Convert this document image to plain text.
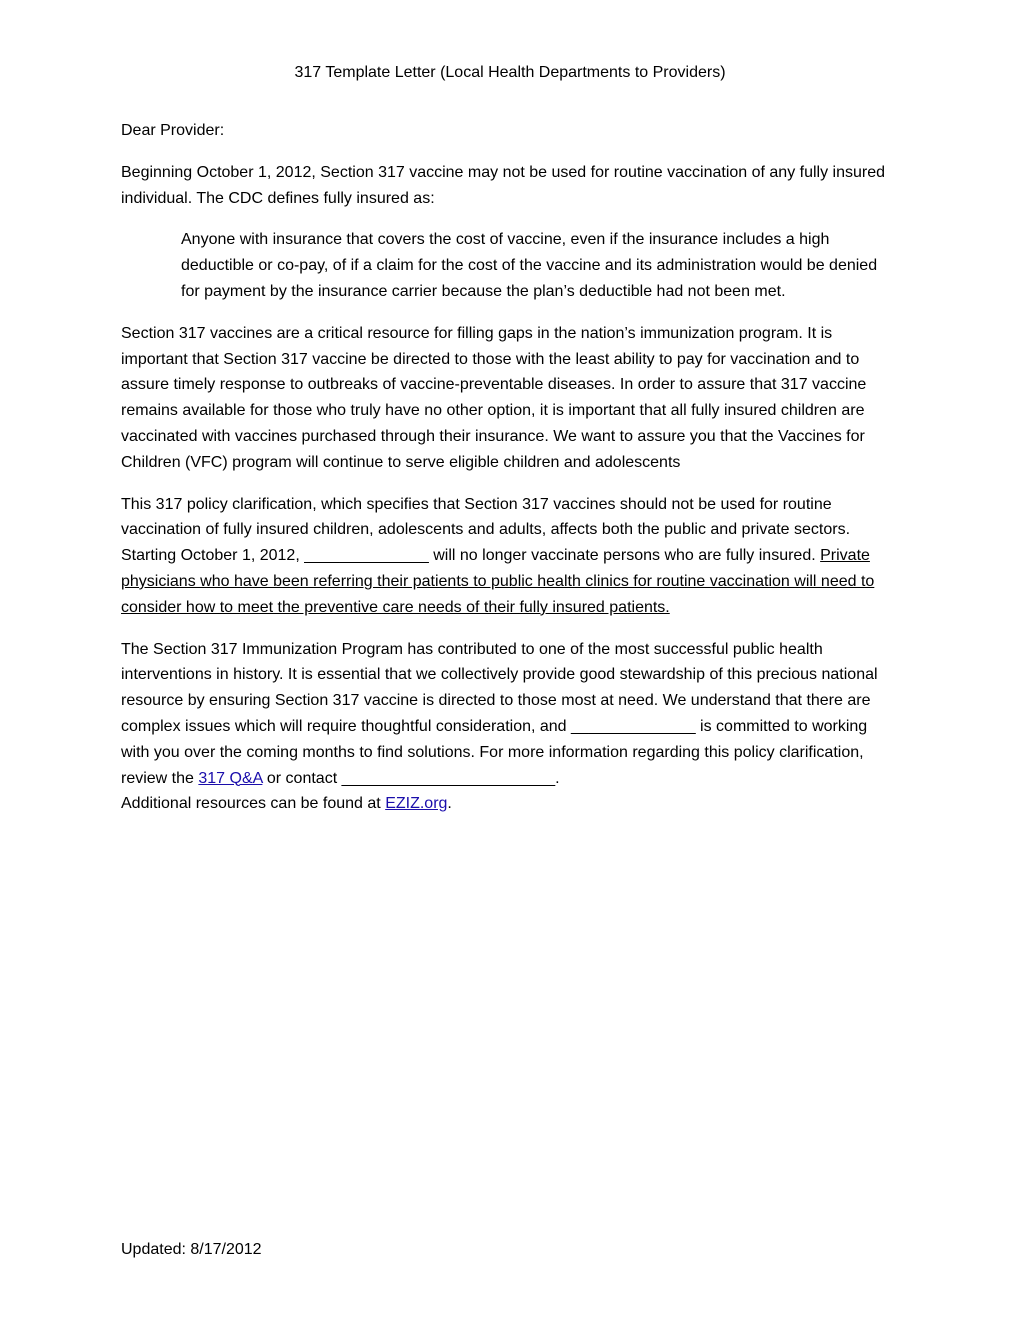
317 Template Letter (Local Health Departments to Providers)

Dear Provider:

Beginning October 1, 2012, Section 317 vaccine may not be used for routine vaccination of any fully insured individual. The CDC defines fully insured as:

Anyone with insurance that covers the cost of vaccine, even if the insurance includes a high deductible or co-pay, of if a claim for the cost of the vaccine and its administration would be denied for payment by the insurance carrier because the plan’s deductible had not been met.

Section 317 vaccines are a critical resource for filling gaps in the nation’s immunization program. It is important that Section 317 vaccine be directed to those with the least ability to pay for vaccination and to assure timely response to outbreaks of vaccine-preventable diseases. In order to assure that 317 vaccine remains available for those who truly have no other option, it is important that all fully insured children are vaccinated with vaccines purchased through their insurance. We want to assure you that the Vaccines for Children (VFC) program will continue to serve eligible children and adolescents

This 317 policy clarification, which specifies that Section 317 vaccines should not be used for routine vaccination of fully insured children, adolescents and adults, affects both the public and private sectors. Starting October 1, 2012, ______________ will no longer vaccinate persons who are fully insured. Private physicians who have been referring their patients to public health clinics for routine vaccination will need to consider how to meet the preventive care needs of their fully insured patients.

The Section 317 Immunization Program has contributed to one of the most successful public health interventions in history. It is essential that we collectively provide good stewardship of this precious national resource by ensuring Section 317 vaccine is directed to those most at need. We understand that there are complex issues which will require thoughtful consideration, and ______________ is committed to working with you over the coming months to find solutions. For more information regarding this policy clarification, review the 317 Q&A or contact ________________________.
Additional resources can be found at EZIZ.org.

Updated: 8/17/2012
